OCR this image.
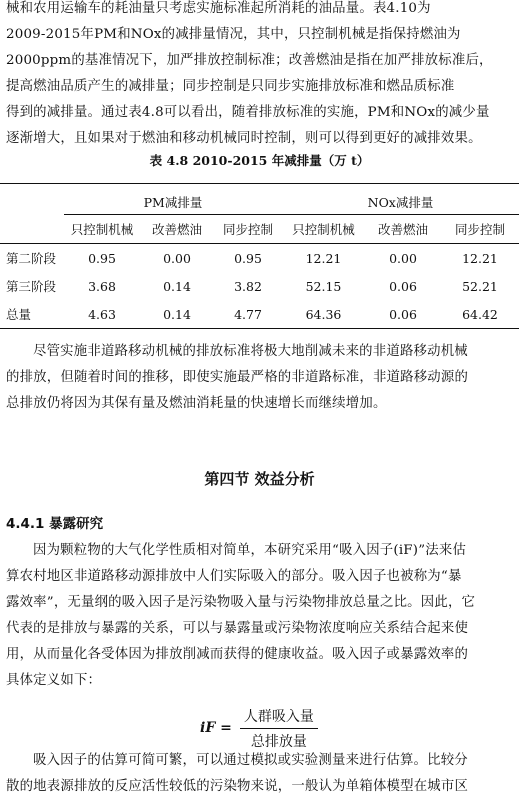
械和农用运输车的耗油量只考虑实施标准起所消耗的油品量。表4.10为
2009-2015年PM和NOx的减排量情况，其中，只控制机械是指保持燃油为
2000ppm的基准情况下，加严排放控制标准；改善燃油是指在加严排放标准后，
提高燃油品质产生的减排量；同步控制是只同步实施排放标准和燃品质标准
得到的减排量。通过表4.8可以看出，随着排放标准的实施，PM和NOx的减少量
逐渐增大，且如果对于燃油和移动机械同时控制，则可以得到更好的减排效果。
表 4.8 2010-2015 年减排量（万 t）

	PM减排量			NOx减排量		
	只控制机械	改善燃油	同步控制	只控制机械	改善燃油	同步控制
第二阶段	0.95	0.00	0.95	12.21	0.00	12.21
第三阶段	3.68	0.14	3.82	52.15	0.06	52.21
总量	4.63	0.14	4.77	64.36	0.06	64.42
尽管实施非道路移动机械的排放标准将极大地削减未来的非道路移动机械
的排放，但随着时间的推移，即使实施最严格的非道路标准，非道路移动源的
总排放仍将因为其保有量及燃油消耗量的快速增长而继续增加。
第四节 效益分析
4.4.1 暴露研究
因为颗粒物的大气化学性质相对简单，本研究采用“吸入因子(iF)”法来估
算农村地区非道路移动源排放中人们实际吸入的部分。吸入因子也被称为“暴
露效率”，无量纲的吸入因子是污染物吸入量与污染物排放总量之比。因此，它
代表的是排放与暴露的关系，可以与暴露量或污染物浓度响应关系结合起来使
用，从而量化各受体因为排放削减而获得的健康收益。吸入因子或暴露效率的
具体定义如下：
iF = $\frac{\text{人群吸入量}}{\text{总排放量}}$
吸入因子的估算可简可繁，可以通过模拟或实验测量来进行估算。比较分
散的地表源排放的反应活性较低的污染物来说，一般认为单箱体模型在城市区
